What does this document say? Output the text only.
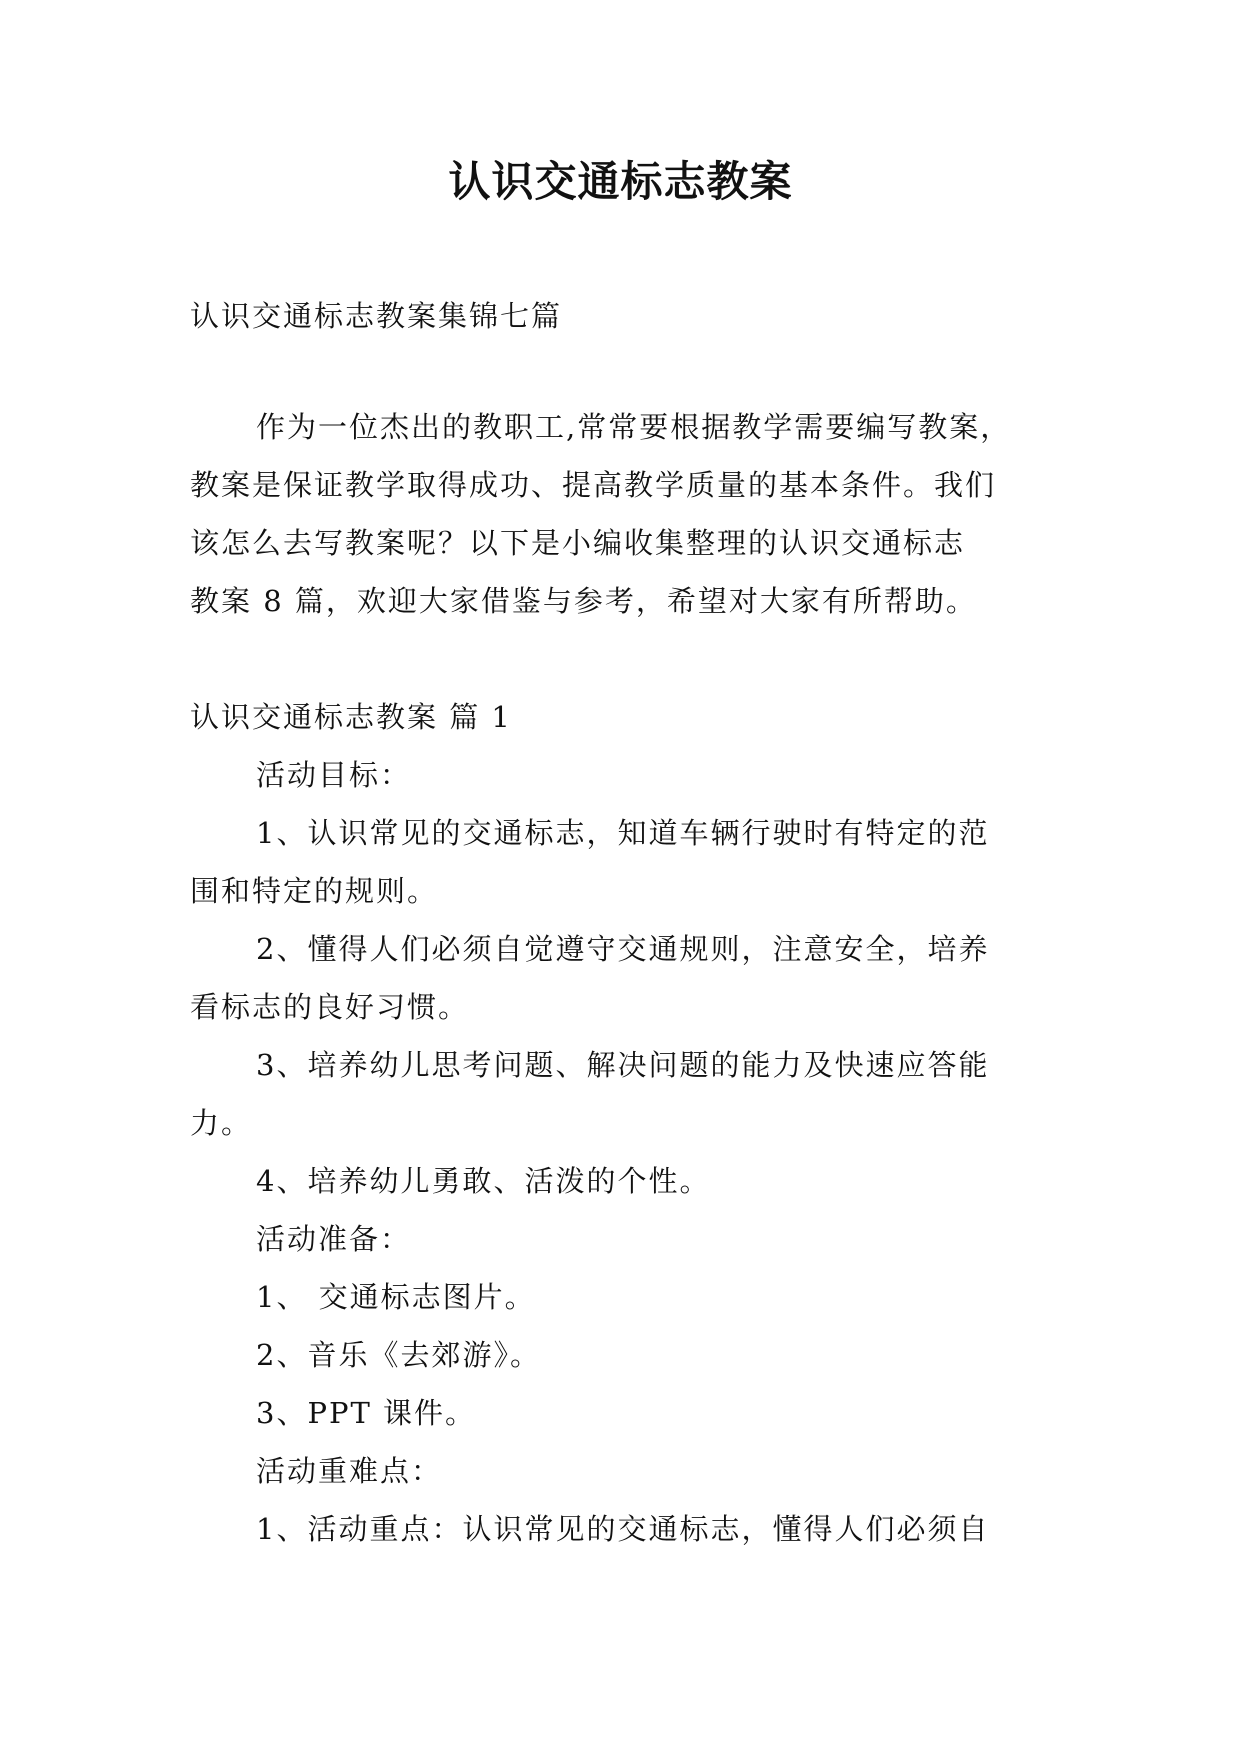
认识交通标志教案
认识交通标志教案集锦七篇
作为一位杰出的教职工,常常要根据教学需要编写教案，
教案是保证教学取得成功、提高教学质量的基本条件。我们
该怎么去写教案呢？以下是小编收集整理的认识交通标志
教案 8 篇，欢迎大家借鉴与参考，希望对大家有所帮助。
认识交通标志教案 篇 1
活动目标：
1、认识常见的交通标志，知道车辆行驶时有特定的范
围和特定的规则。
2、懂得人们必须自觉遵守交通规则，注意安全，培养
看标志的良好习惯。
3、培养幼儿思考问题、解决问题的能力及快速应答能
力。
4、培养幼儿勇敢、活泼的个性。
活动准备：
1、 交通标志图片。
2、音乐《去郊游》。
3、PPT 课件。
活动重难点：
1、活动重点：认识常见的交通标志，懂得人们必须自
